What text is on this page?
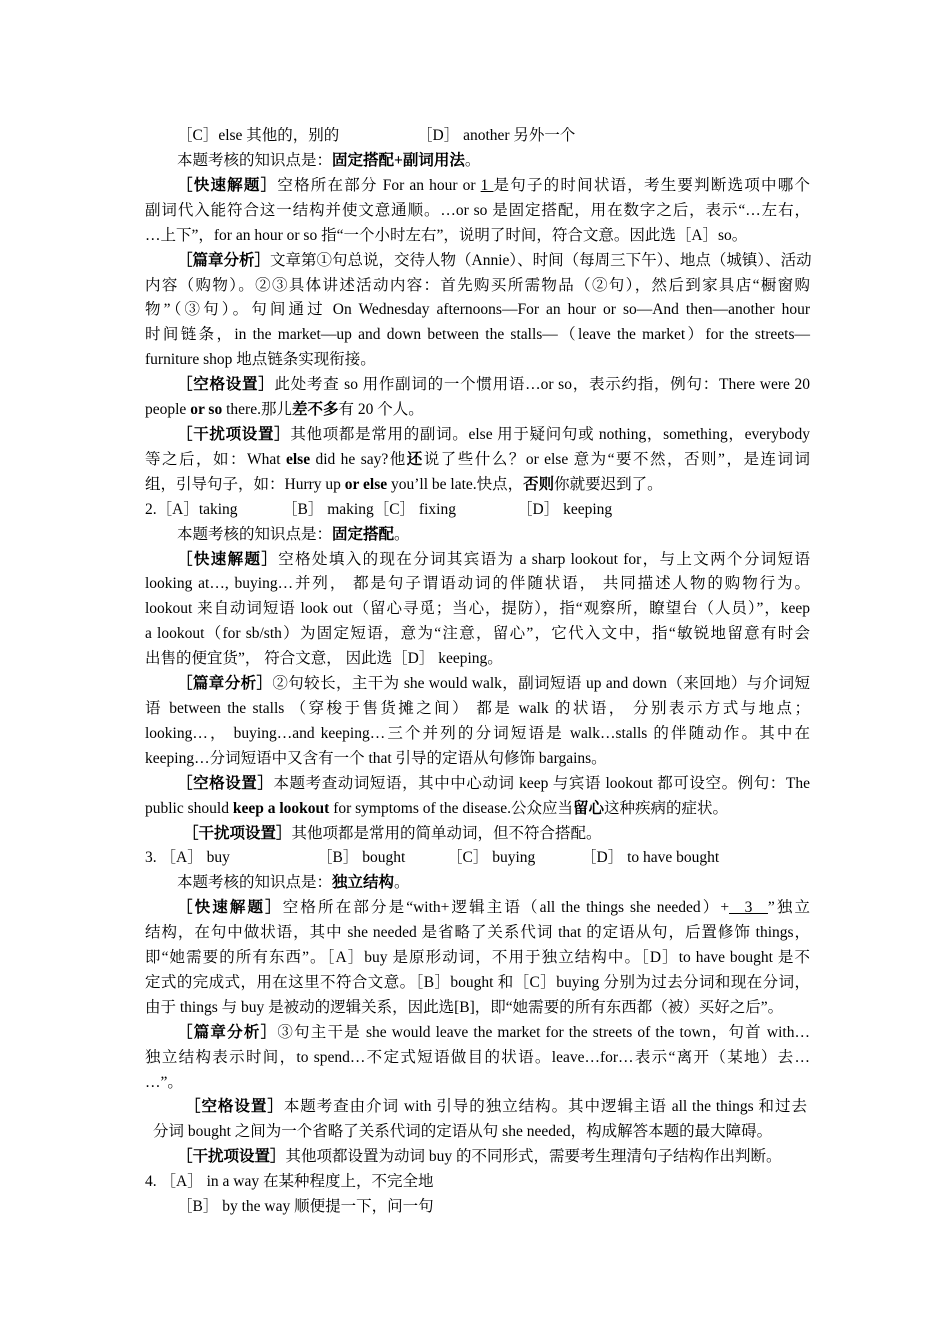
［C］else 其他的，别的	［D］ another 另外一个
本题考核的知识点是：固定搭配+副词用法。
［快速解题］空格所在部分 For an hour or 1 是句子的时间状语，考生要判断选项中哪个
副词代入能符合这一结构并使文意通顺。…or so 是固定搭配，用在数字之后，表示“…左右，
…上下”，for an hour or so 指“一个小时左右”，说明了时间，符合文意。因此选［A］so。
［篇章分析］文章第①句总说，交待人物（Annie）、时间（每周三下午）、地点（城镇）、活动
内容（购物）。②③具体讲述活动内容：首先购买所需物品（②句），然后到家具店“橱窗购
物”（③句）。句间通过 On Wednesday afternoons—For an hour or so—And then—another hour
时间链条，in the market—up and down between the stalls—（leave the market）for the streets—
furniture shop 地点链条实现衔接。
［空格设置］此处考查 so 用作副词的一个惯用语…or so，表示约指，例句：There were 20
people or so there.那儿差不多有 20 个人。
［干扰项设置］其他项都是常用的副词。else 用于疑问句或 nothing，something，everybody
等之后，如：What else did he say?他还说了些什么？or else 意为“要不然，否则”，是连词词
组，引导句子，如：Hurry up or else you’ll be late.快点，否则你就要迟到了。
2.［A］taking	［B］ making［C］ fixing	［D］ keeping
本题考核的知识点是：固定搭配。
［快速解题］空格处填入的现在分词其宾语为 a sharp lookout for，与上文两个分词短语
looking at…, buying…并列， 都是句子谓语动词的伴随状语， 共同描述人物的购物行为。
lookout 来自动词短语 look out（留心寻觅；当心，提防），指“观察所，瞭望台（人员）”，keep
a lookout（for sb/sth）为固定短语，意为“注意，留心”，它代入文中，指“敏锐地留意有时会
出售的便宜货”， 符合文意， 因此选［D］ keeping。
［篇章分析］②句较长，主干为 she would walk，副词短语 up and down（来回地）与介词短
语 between the stalls （穿梭于售货摊之间） 都是 walk 的状语， 分别表示方式与地点；
looking…， buying…and keeping…三个并列的分词短语是 walk…stalls 的伴随动作。其中在
keeping…分词短语中又含有一个 that 引导的定语从句修饰 bargains。
［空格设置］本题考查动词短语，其中中心动词 keep 与宾语 lookout 都可设空。例句：The
public should keep a lookout for symptoms of the disease.公众应当留心这种疾病的症状。
［干扰项设置］其他项都是常用的简单动词，但不符合搭配。
3. ［A］ buy	［B］ bought	［C］ buying	［D］ to have bought
本题考核的知识点是：独立结构。
［快速解题］空格所在部分是“with+逻辑主语（all the things she needed）+__3__”独立
结构，在句中做状语，其中 she needed 是省略了关系代词 that 的定语从句，后置修饰 things，
即“她需要的所有东西”。［A］buy 是原形动词，不用于独立结构中。［D］to have bought 是不
定式的完成式，用在这里不符合文意。［B］bought 和［C］buying 分别为过去分词和现在分词，
由于 things 与 buy 是被动的逻辑关系，因此选[B]，即“她需要的所有东西都（被）买好之后”。
［篇章分析］③句主干是 she would leave the market for the streets of the town，句首 with…
独立结构表示时间，to spend…不定式短语做目的状语。leave…for…表示“离开（某地）去…
…”。
［空格设置］本题考查由介词 with 引导的独立结构。其中逻辑主语 all the things 和过去
分词 bought 之间为一个省略了关系代词的定语从句 she needed，构成解答本题的最大障碍。
［干扰项设置］其他项都设置为动词 buy 的不同形式，需要考生理清句子结构作出判断。
4. ［A］ in a way 在某种程度上，不完全地
［B］ by the way 顺便提一下，问一句
